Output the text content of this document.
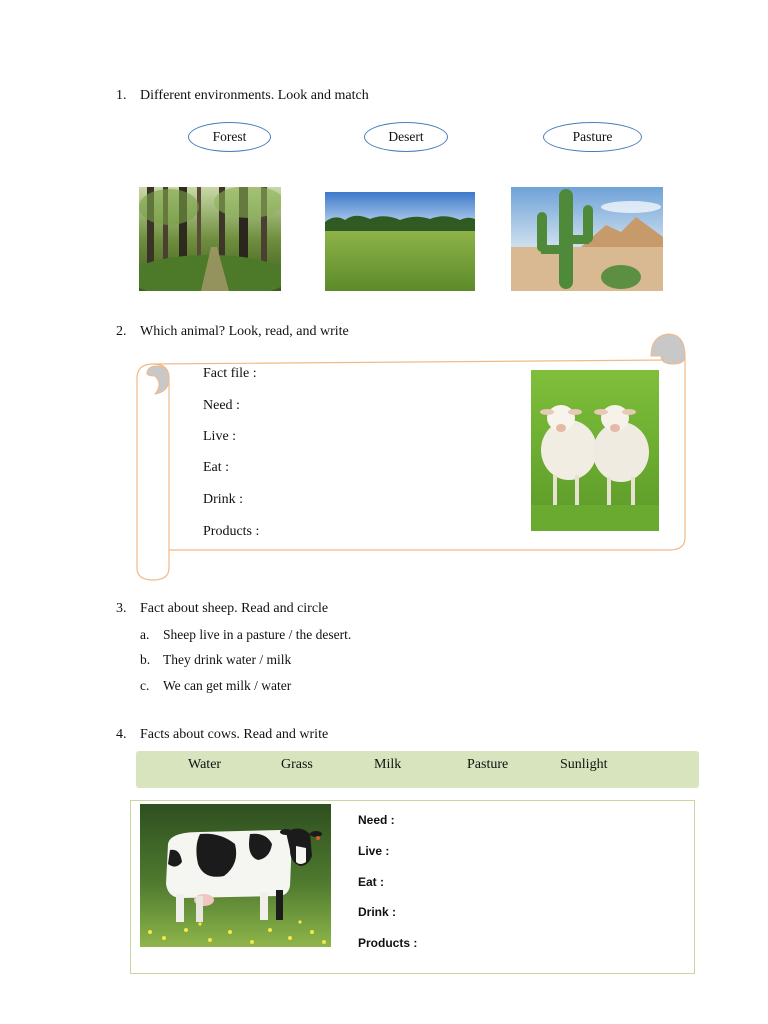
1. Different environments. Look and match
Forest	Desert	Pasture
2. Which animal? Look, read, and write
Fact file :
Need :
Live :
Eat :
Drink :
Products :
3. Fact about sheep. Read and circle
a. Sheep live in a pasture / the desert.
b. They drink water / milk
c. We can get milk / water
4. Facts about cows. Read and write
Water	Grass	Milk	Pasture	Sunlight
Need :
Live :
Eat :
Drink :
Products :
